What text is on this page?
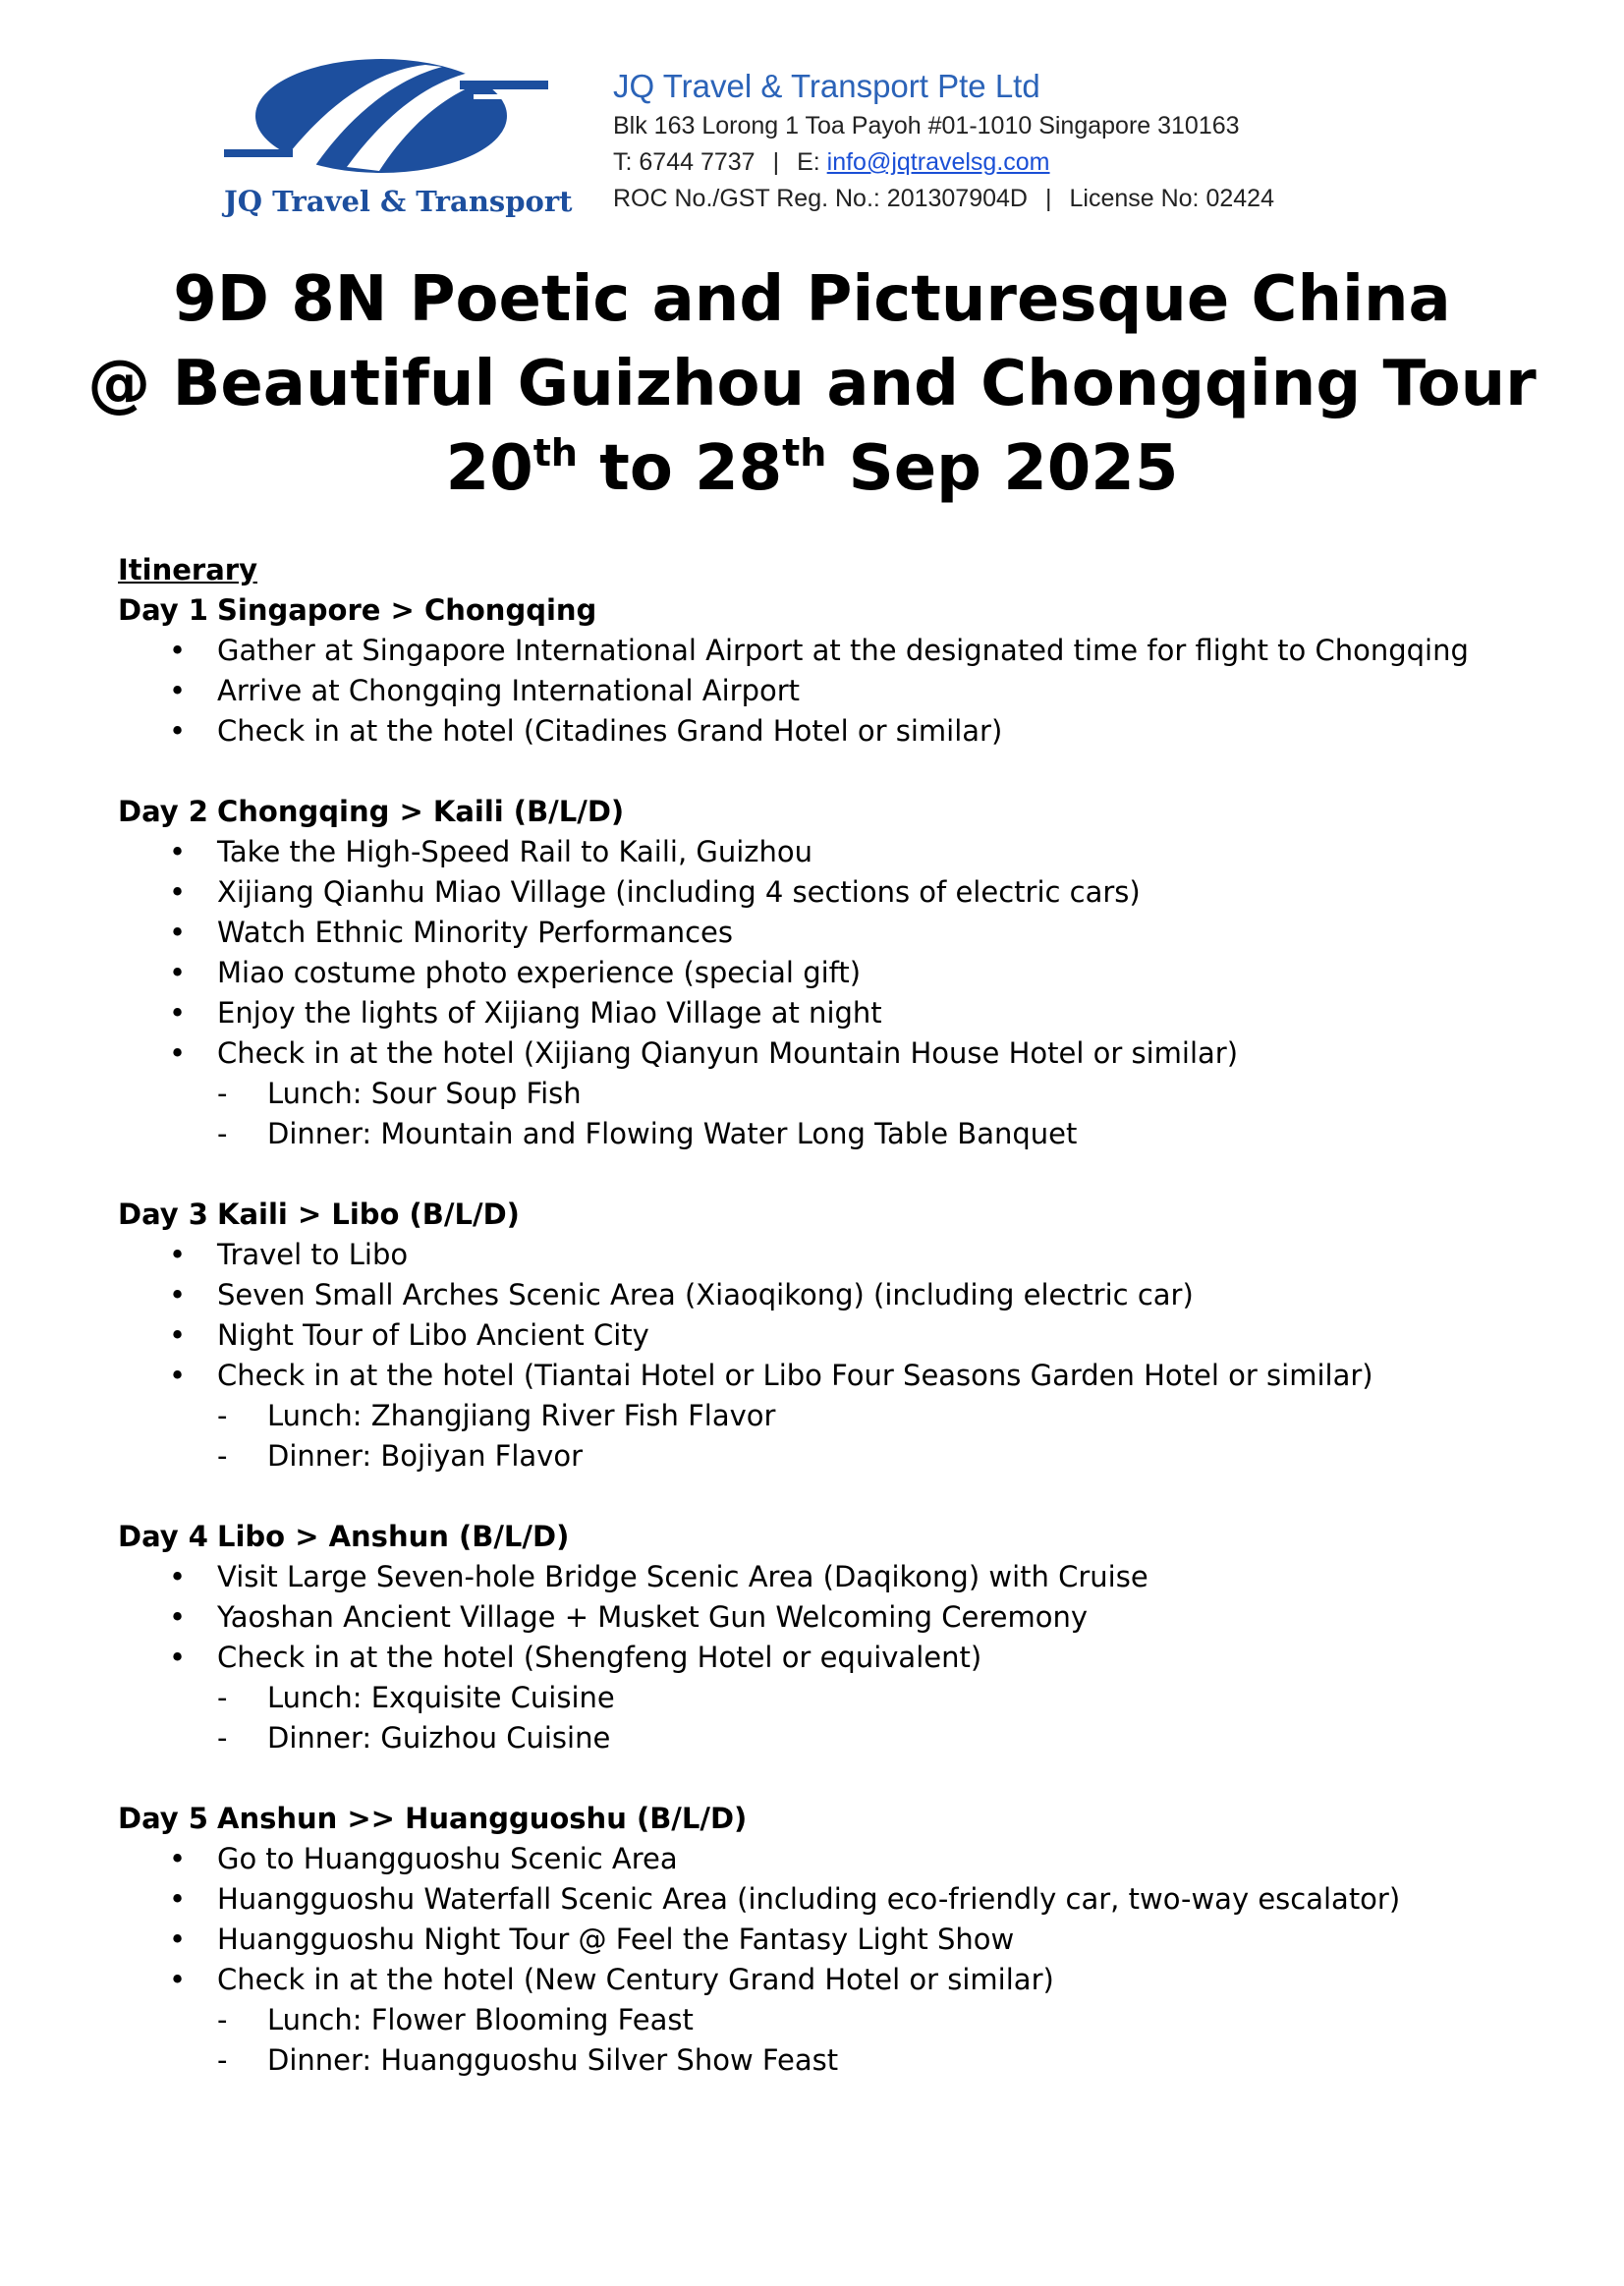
JQ Travel & Transport
JQ Travel & Transport Pte Ltd
Blk 163 Lorong 1 Toa Payoh #01-1010 Singapore 310163
T: 6744 7737 | E: info@jqtravelsg.com
ROC No./GST Reg. No.: 201307904D | License No: 02424
9D 8N Poetic and Picturesque China
@ Beautiful Guizhou and Chongqing Tour
20th to 28th Sep 2025
Itinerary
Day 1 Singapore > Chongqing
• Gather at Singapore International Airport at the designated time for flight to Chongqing
• Arrive at Chongqing International Airport
• Check in at the hotel (Citadines Grand Hotel or similar)
Day 2 Chongqing > Kaili (B/L/D)
• Take the High-Speed Rail to Kaili, Guizhou
• Xijiang Qianhu Miao Village (including 4 sections of electric cars)
• Watch Ethnic Minority Performances
• Miao costume photo experience (special gift)
• Enjoy the lights of Xijiang Miao Village at night
• Check in at the hotel (Xijiang Qianyun Mountain House Hotel or similar)
- Lunch: Sour Soup Fish
- Dinner: Mountain and Flowing Water Long Table Banquet
Day 3 Kaili > Libo (B/L/D)
• Travel to Libo
• Seven Small Arches Scenic Area (Xiaoqikong) (including electric car)
• Night Tour of Libo Ancient City
• Check in at the hotel (Tiantai Hotel or Libo Four Seasons Garden Hotel or similar)
- Lunch: Zhangjiang River Fish Flavor
- Dinner: Bojiyan Flavor
Day 4 Libo > Anshun (B/L/D)
• Visit Large Seven-hole Bridge Scenic Area (Daqikong) with Cruise
• Yaoshan Ancient Village + Musket Gun Welcoming Ceremony
• Check in at the hotel (Shengfeng Hotel or equivalent)
- Lunch: Exquisite Cuisine
- Dinner: Guizhou Cuisine
Day 5 Anshun >> Huangguoshu (B/L/D)
• Go to Huangguoshu Scenic Area
• Huangguoshu Waterfall Scenic Area (including eco-friendly car, two-way escalator)
• Huangguoshu Night Tour @ Feel the Fantasy Light Show
• Check in at the hotel (New Century Grand Hotel or similar)
- Lunch: Flower Blooming Feast
- Dinner: Huangguoshu Silver Show Feast
